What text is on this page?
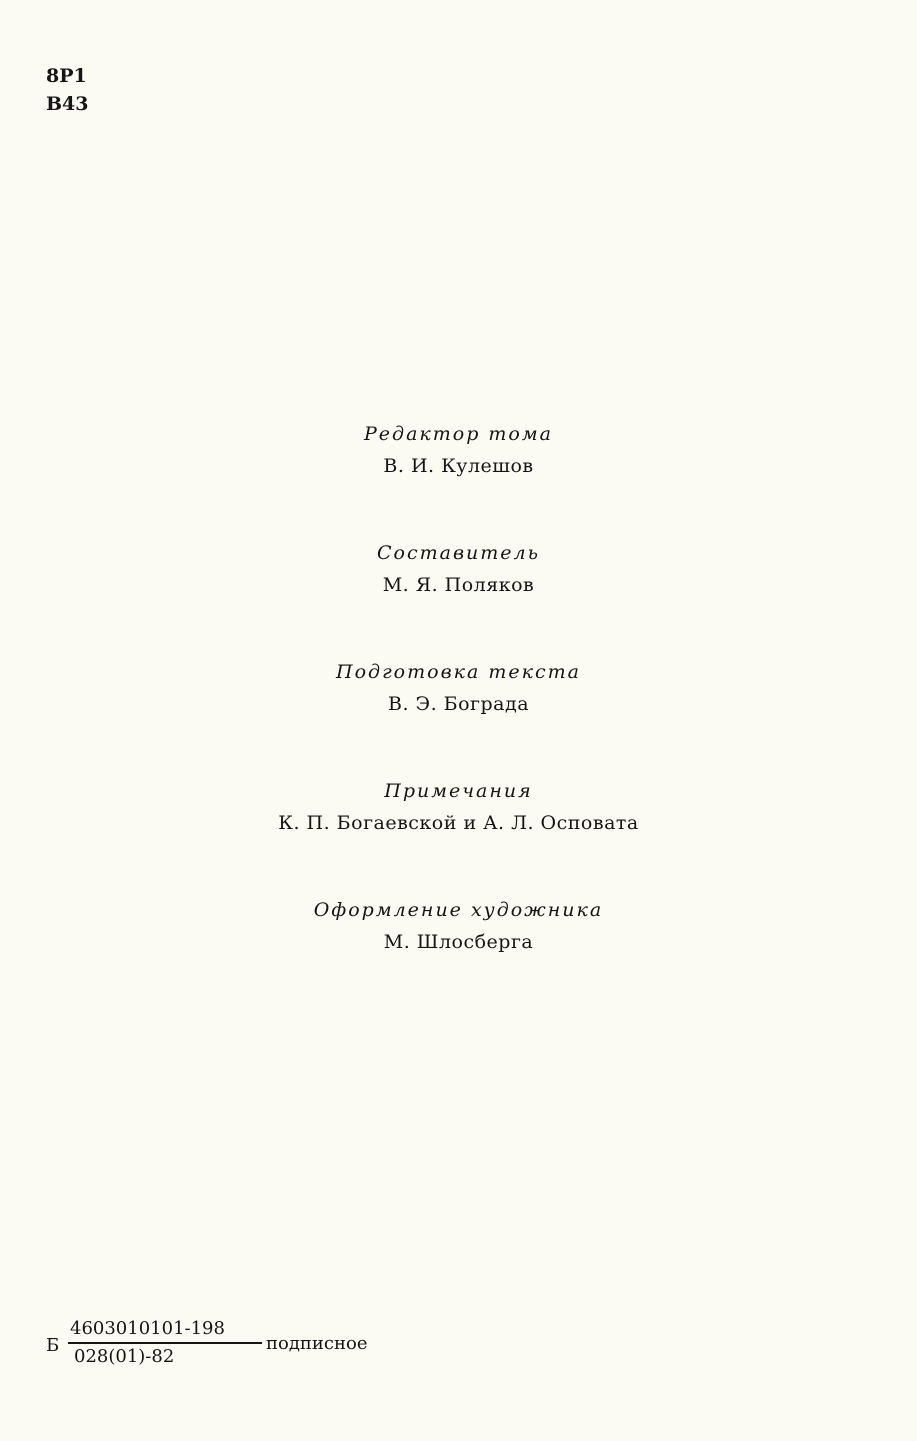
8Р1
В43
Редактор тома
В. И. Кулешов
Составитель
М. Я. Поляков
Подготовка текста
В. Э. Бограда
Примечания
К. П. Богаевской и А. Л. Осповата
Оформление художника
М. Шлосберга
Б
4603010101-198
028(01)-82
подписное
